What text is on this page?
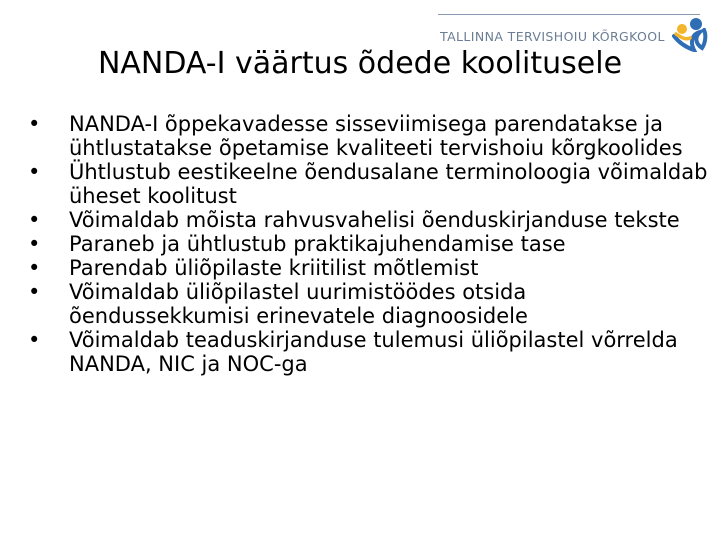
TALLINNA TERVISHOIU KÕRGKOOL
NANDA-I väärtus õdede koolitusele
•	NANDA-I õppekavadesse sisseviimisega parendatakse ja ühtlustatakse õpetamise kvaliteeti tervishoiu kõrgkoolides
•	Ühtlustub eestikeelne õendusalane terminoloogia võimaldab üheset koolitust
•	Võimaldab mõista rahvusvahelisi õenduskirjanduse tekste
•	Paraneb ja ühtlustub praktikajuhendamise tase
•	Parendab üliõpilaste kriitilist mõtlemist
•	Võimaldab üliõpilastel uurimistöödes otsida õendussekkumisi erinevatele diagnoosidele
•	Võimaldab teaduskirjanduse tulemusi üliõpilastel võrrelda NANDA, NIC ja NOC-ga
